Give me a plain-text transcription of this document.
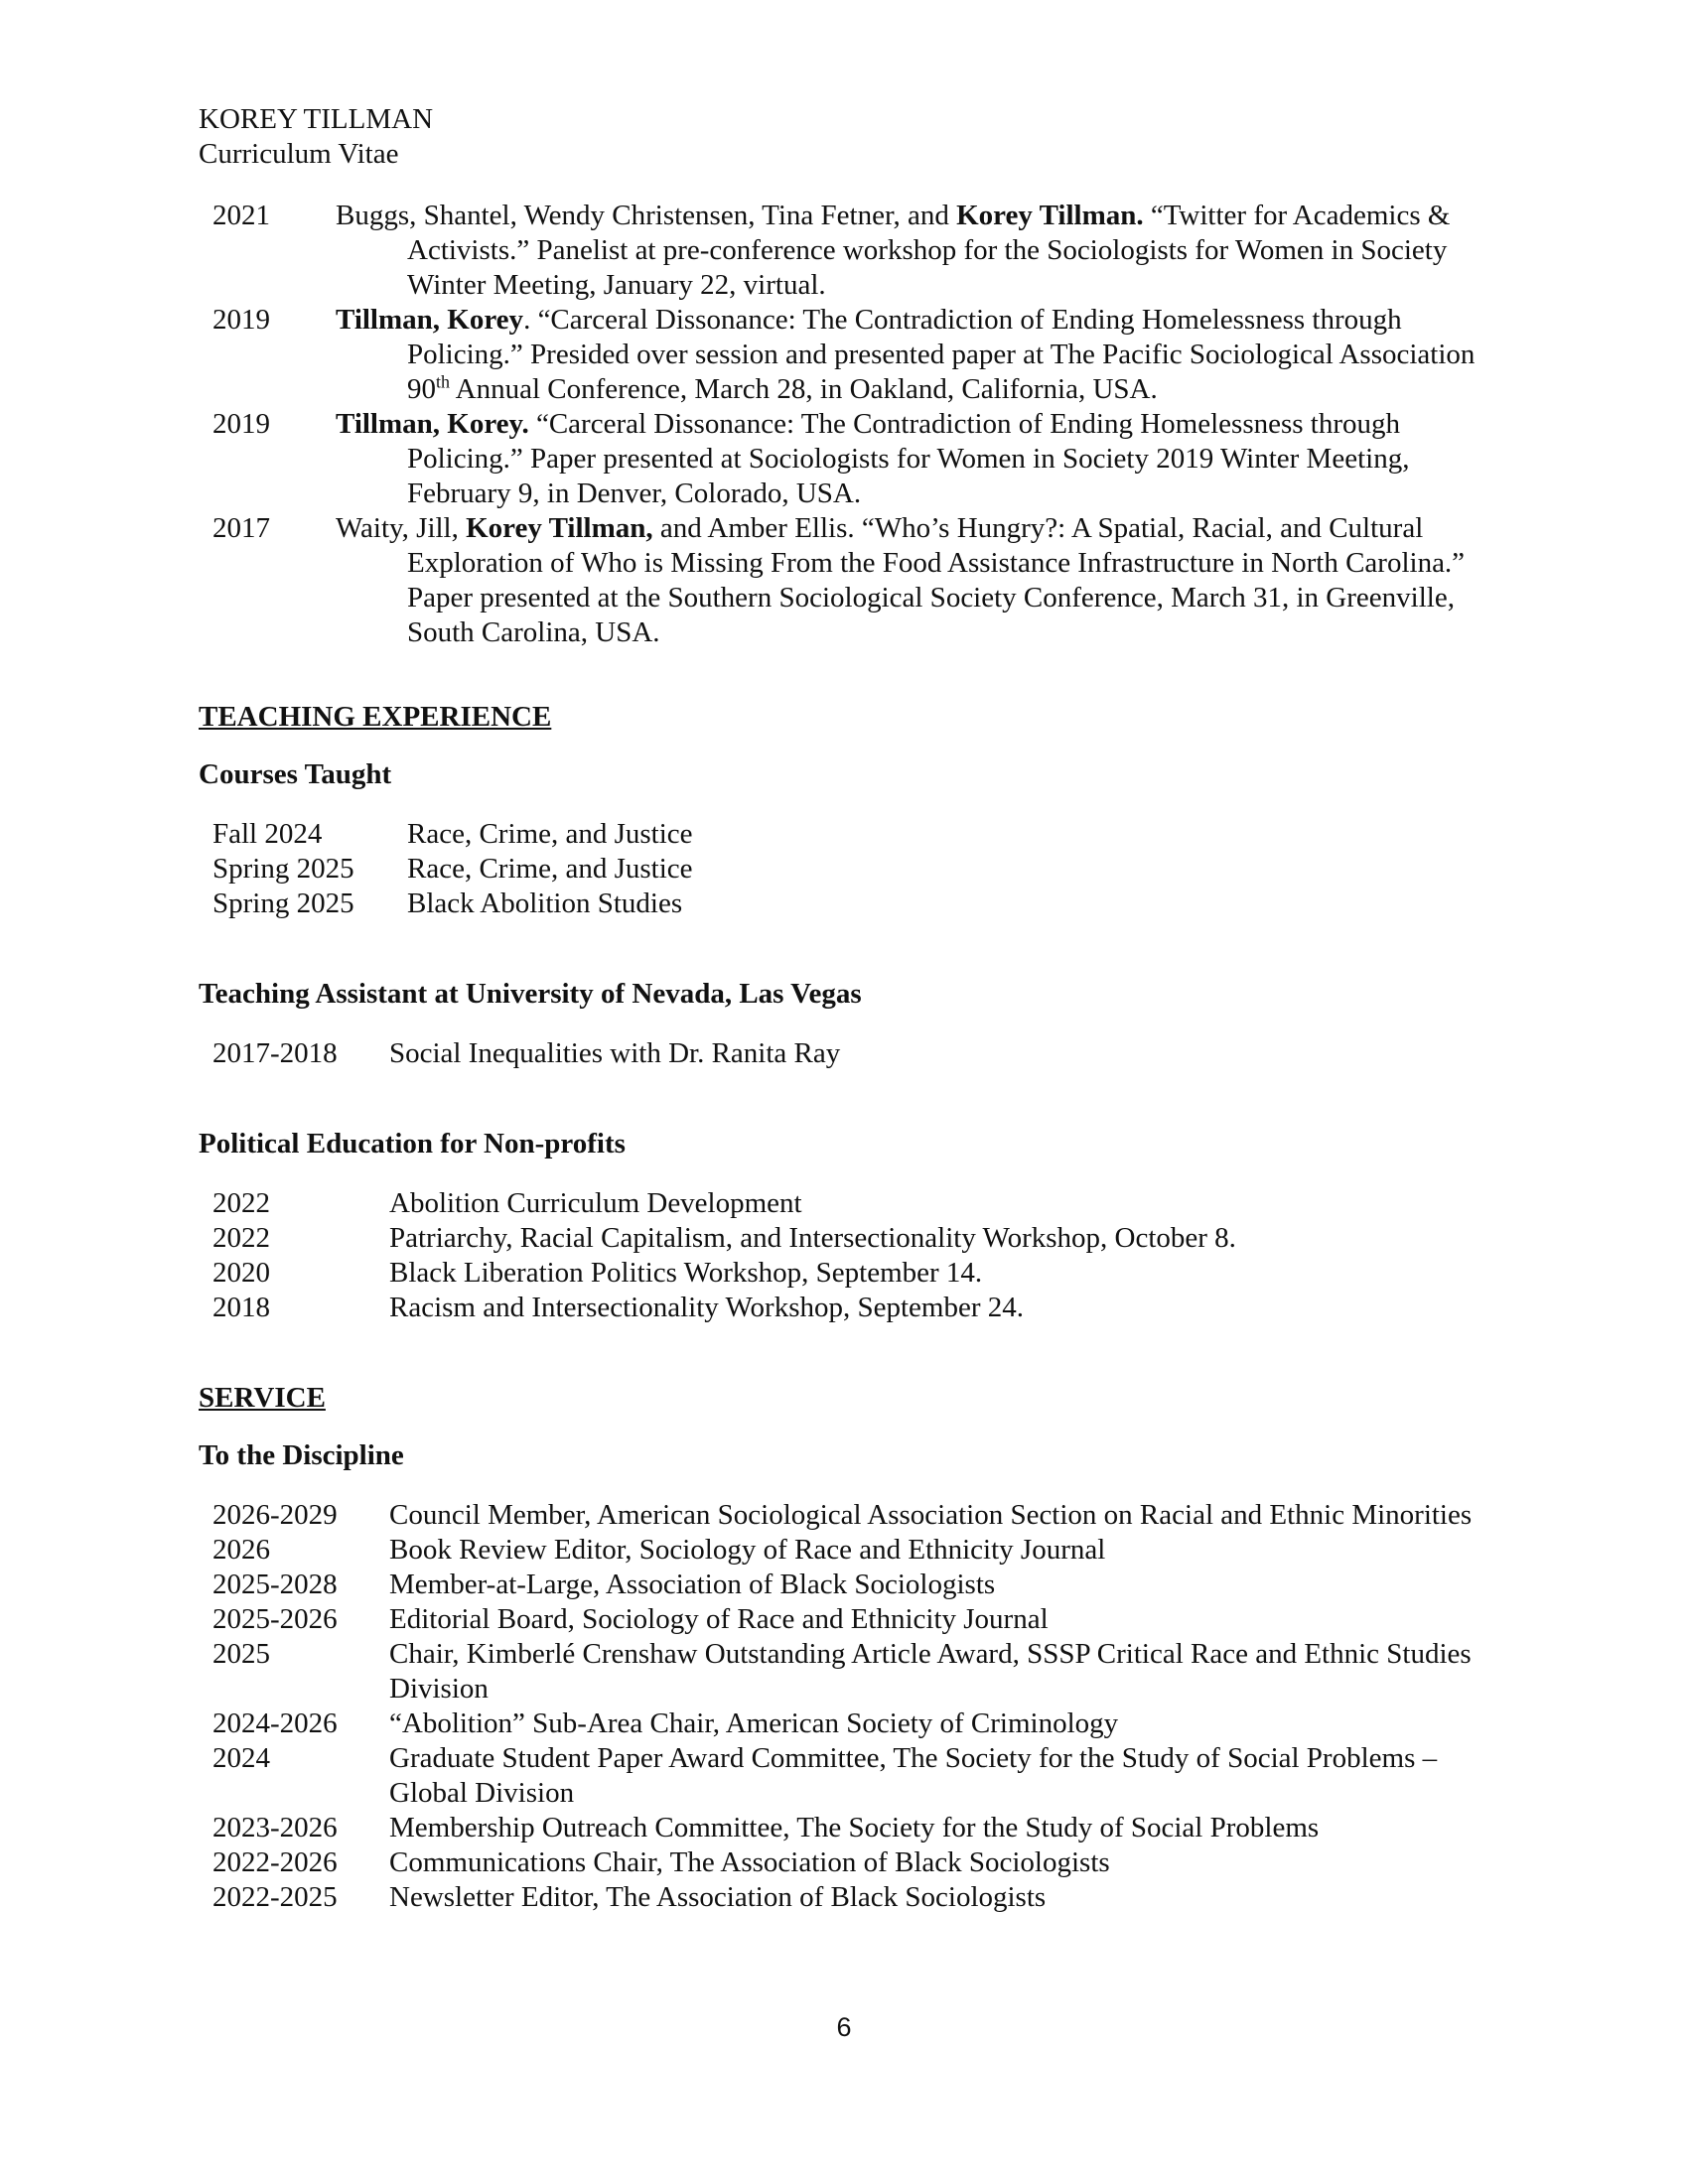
KOREY TILLMAN
Curriculum Vitae
2021 Buggs, Shantel, Wendy Christensen, Tina Fetner, and Korey Tillman. “Twitter for Academics & Activists.” Panelist at pre-conference workshop for the Sociologists for Women in Society Winter Meeting, January 22, virtual.
2019 Tillman, Korey. “Carceral Dissonance: The Contradiction of Ending Homelessness through Policing.” Presided over session and presented paper at The Pacific Sociological Association 90th Annual Conference, March 28, in Oakland, California, USA.
2019 Tillman, Korey. “Carceral Dissonance: The Contradiction of Ending Homelessness through Policing.” Paper presented at Sociologists for Women in Society 2019 Winter Meeting, February 9, in Denver, Colorado, USA.
2017 Waity, Jill, Korey Tillman, and Amber Ellis. “Who’s Hungry?: A Spatial, Racial, and Cultural Exploration of Who is Missing From the Food Assistance Infrastructure in North Carolina.” Paper presented at the Southern Sociological Society Conference, March 31, in Greenville, South Carolina, USA.
TEACHING EXPERIENCE
Courses Taught
Fall 2024	Race, Crime, and Justice
Spring 2025	Race, Crime, and Justice
Spring 2025	Black Abolition Studies
Teaching Assistant at University of Nevada, Las Vegas
2017-2018	Social Inequalities with Dr. Ranita Ray
Political Education for Non-profits
2022	Abolition Curriculum Development
2022	Patriarchy, Racial Capitalism, and Intersectionality Workshop, October 8.
2020	Black Liberation Politics Workshop, September 14.
2018	Racism and Intersectionality Workshop, September 24.
SERVICE
To the Discipline
2026-2029	Council Member, American Sociological Association Section on Racial and Ethnic Minorities
2026	Book Review Editor, Sociology of Race and Ethnicity Journal
2025-2028	Member-at-Large, Association of Black Sociologists
2025-2026	Editorial Board, Sociology of Race and Ethnicity Journal
2025	Chair, Kimberlé Crenshaw Outstanding Article Award, SSSP Critical Race and Ethnic Studies Division
2024-2026	“Abolition” Sub-Area Chair, American Society of Criminology
2024	Graduate Student Paper Award Committee, The Society for the Study of Social Problems – Global Division
2023-2026	Membership Outreach Committee, The Society for the Study of Social Problems
2022-2026	Communications Chair, The Association of Black Sociologists
2022-2025	Newsletter Editor, The Association of Black Sociologists
6
